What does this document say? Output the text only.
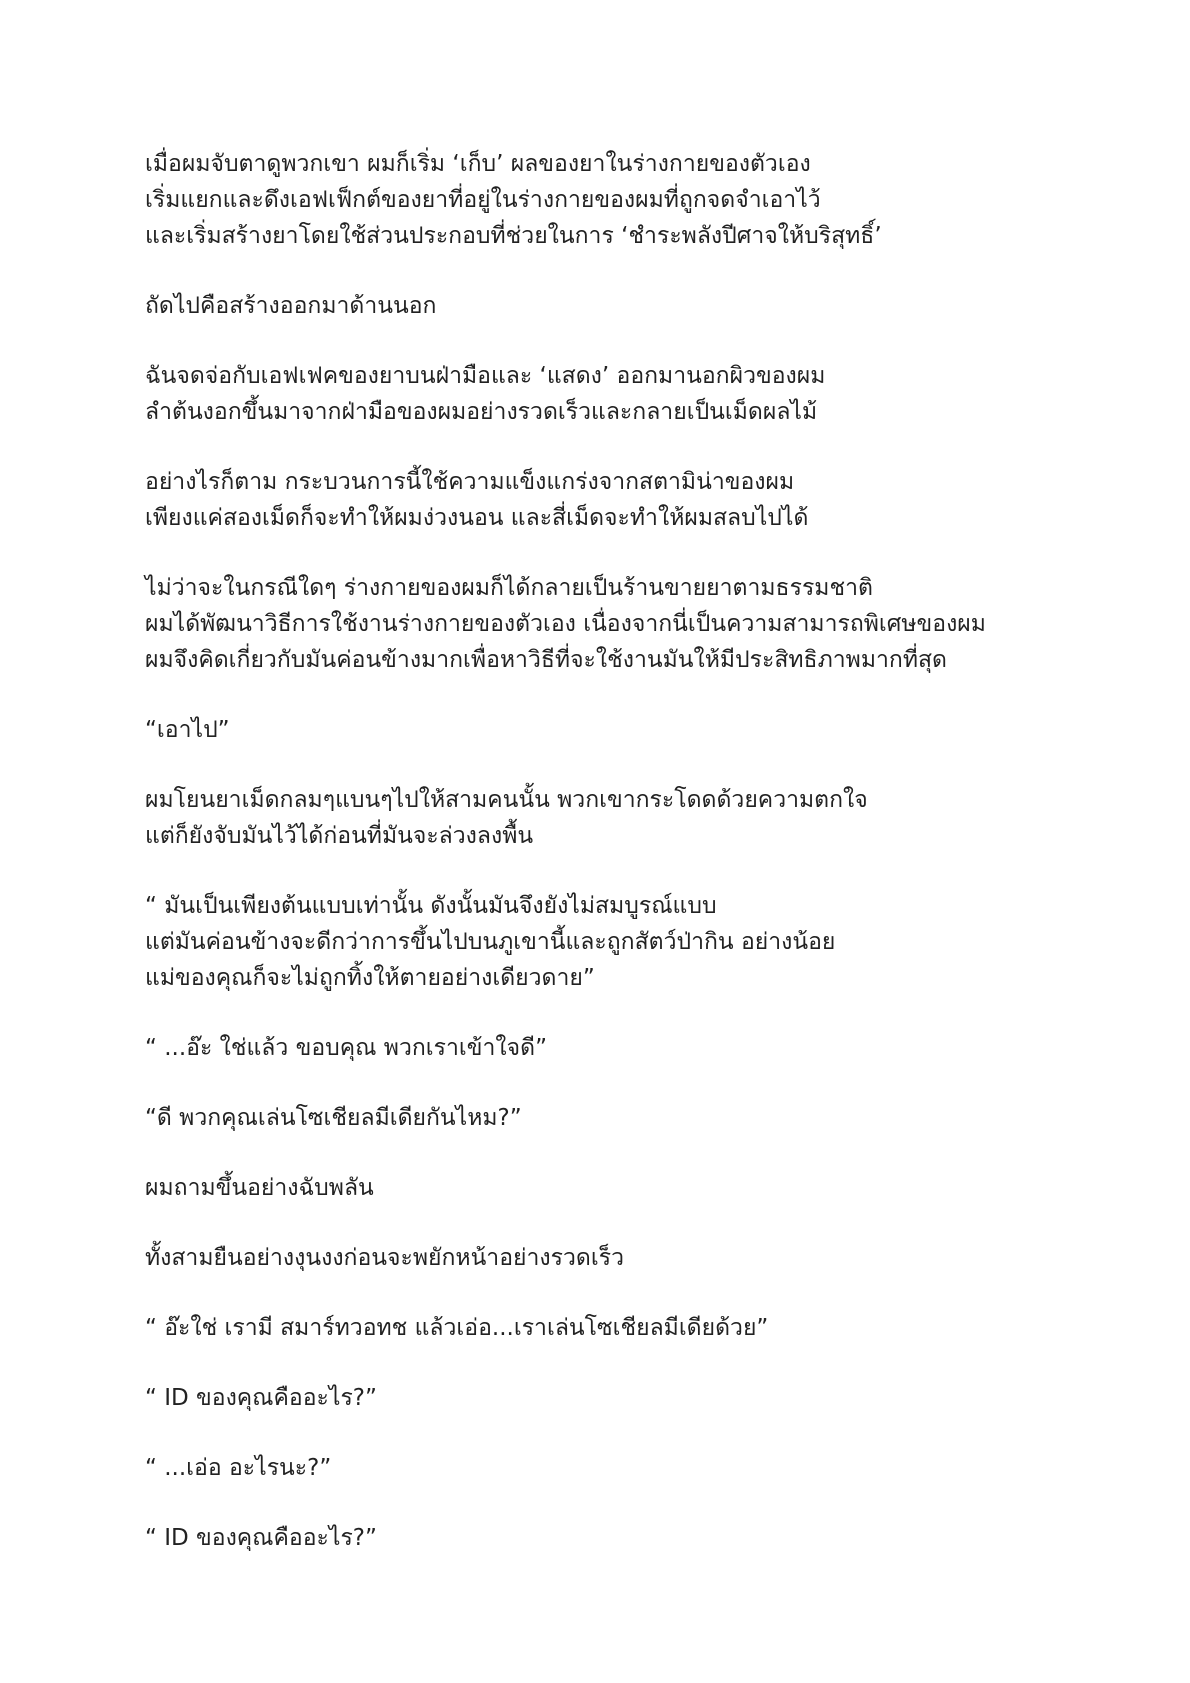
เมื่อผมจับตาดูพวกเขา ผมก็เริ่ม ‘เก็บ’ ผลของยาในร่างกายของตัวเอง
เริ่มแยกและดึงเอฟเฟ็กต์ของยาที่อยู่ในร่างกายของผมที่ถูกจดจำเอาไว้
และเริ่มสร้างยาโดยใช้ส่วนประกอบที่ช่วยในการ ‘ชำระพลังปีศาจให้บริสุทธิ์’
ถัดไปคือสร้างออกมาด้านนอก
ฉันจดจ่อกับเอฟเฟคของยาบนฝ่ามือและ ‘แสดง’ ออกมานอกผิวของผม
ลำต้นงอกขึ้นมาจากฝ่ามือของผมอย่างรวดเร็วและกลายเป็นเม็ดผลไม้
อย่างไรก็ตาม กระบวนการนี้ใช้ความแข็งแกร่งจากสตามิน่าของผม
เพียงแค่สองเม็ดก็จะทำให้ผมง่วงนอน และสี่เม็ดจะทำให้ผมสลบไปได้
ไม่ว่าจะในกรณีใดๆ ร่างกายของผมก็ได้กลายเป็นร้านขายยาตามธรรมชาติ
ผมได้พัฒนาวิธีการใช้งานร่างกายของตัวเอง เนื่องจากนี่เป็นความสามารถพิเศษของผม
ผมจึงคิดเกี่ยวกับมันค่อนข้างมากเพื่อหาวิธีที่จะใช้งานมันให้มีประสิทธิภาพมากที่สุด
“เอาไป”
ผมโยนยาเม็ดกลมๆแบนๆไปให้สามคนนั้น พวกเขากระโดดด้วยความตกใจ
แต่ก็ยังจับมันไว้ได้ก่อนที่มันจะล่วงลงพื้น
“ มันเป็นเพียงต้นแบบเท่านั้น ดังนั้นมันจึงยังไม่สมบูรณ์แบบ
แต่มันค่อนข้างจะดีกว่าการขึ้นไปบนภูเขานี้และถูกสัตว์ป่ากิน อย่างน้อย
แม่ของคุณก็จะไม่ถูกทิ้งให้ตายอย่างเดียวดาย”
“ ...อ๊ะ ใช่แล้ว ขอบคุณ พวกเราเข้าใจดี”
“ดี พวกคุณเล่นโซเชียลมีเดียกันไหม?”
ผมถามขึ้นอย่างฉับพลัน
ทั้งสามยืนอย่างงุนงงก่อนจะพยักหน้าอย่างรวดเร็ว
“ อ๊ะใช่ เรามี สมาร์ทวอทช แล้วเอ่อ...เราเล่นโซเชียลมีเดียด้วย”
“ ID ของคุณคืออะไร?”
“ ...เอ่อ อะไรนะ?”
“ ID ของคุณคืออะไร?”
